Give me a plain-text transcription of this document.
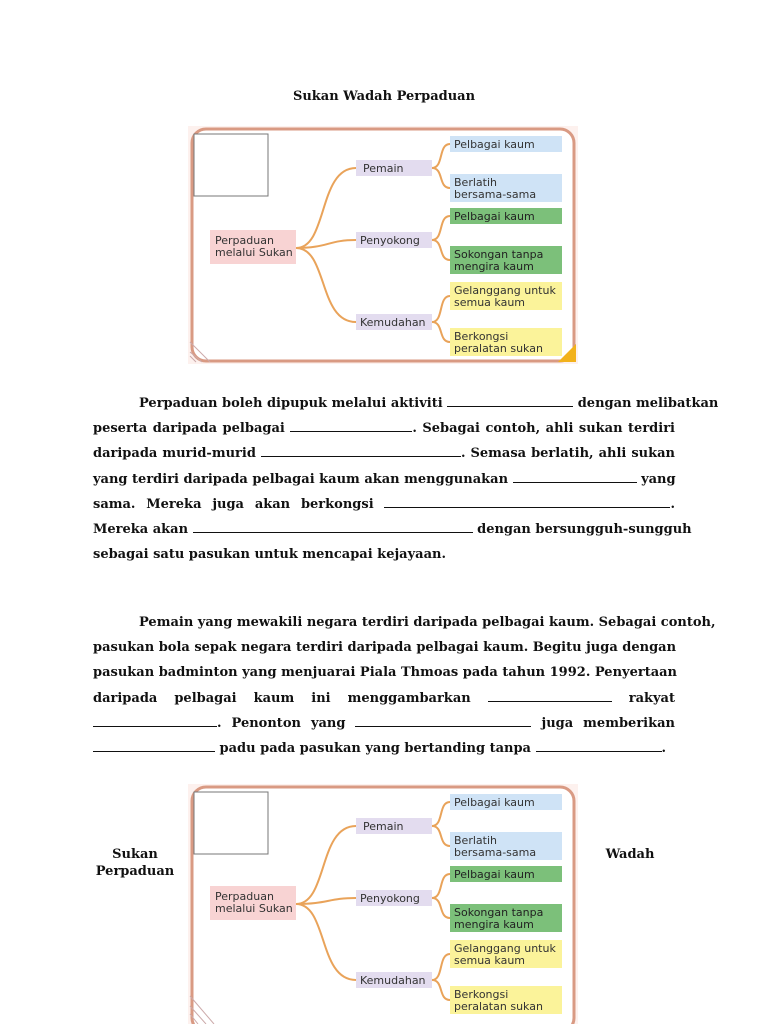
Sukan Wadah Perpaduan
Perpaduan melalui Sukan
Pemain
Penyokong
Kemudahan
Pelbagai kaum
Berlatih bersama-sama
Pelbagai kaum
Sokongan tanpa mengira kaum
Gelanggang untuk semua kaum
Berkongsi peralatan sukan
Perpaduan boleh dipupuk melalui aktiviti	dengan melibatkan
peserta daripada pelbagai	. Sebagai contoh, ahli sukan terdiri
daripada murid-murid	. Semasa berlatih, ahli sukan
yang terdiri daripada pelbagai kaum akan menggunakan	yang
sama. Mereka juga akan berkongsi	.
Mereka akan	dengan bersungguh-sungguh
sebagai satu pasukan untuk mencapai kejayaan.
Pemain yang mewakili negara terdiri daripada pelbagai kaum. Sebagai contoh,
pasukan bola sepak negara terdiri daripada pelbagai kaum. Begitu juga dengan
pasukan badminton yang menjuarai Piala Thmoas pada tahun 1992. Penyertaan
daripada pelbagai kaum ini menggambarkan	rakyat
. Penonton yang	juga memberikan
padu pada pasukan yang bertanding tanpa	.
Sukan
Perpaduan
Wadah
Perpaduan melalui Sukan
Pemain
Penyokong
Kemudahan
Pelbagai kaum
Berlatih bersama-sama
Pelbagai kaum
Sokongan tanpa mengira kaum
Gelanggang untuk semua kaum
Berkongsi peralatan sukan
